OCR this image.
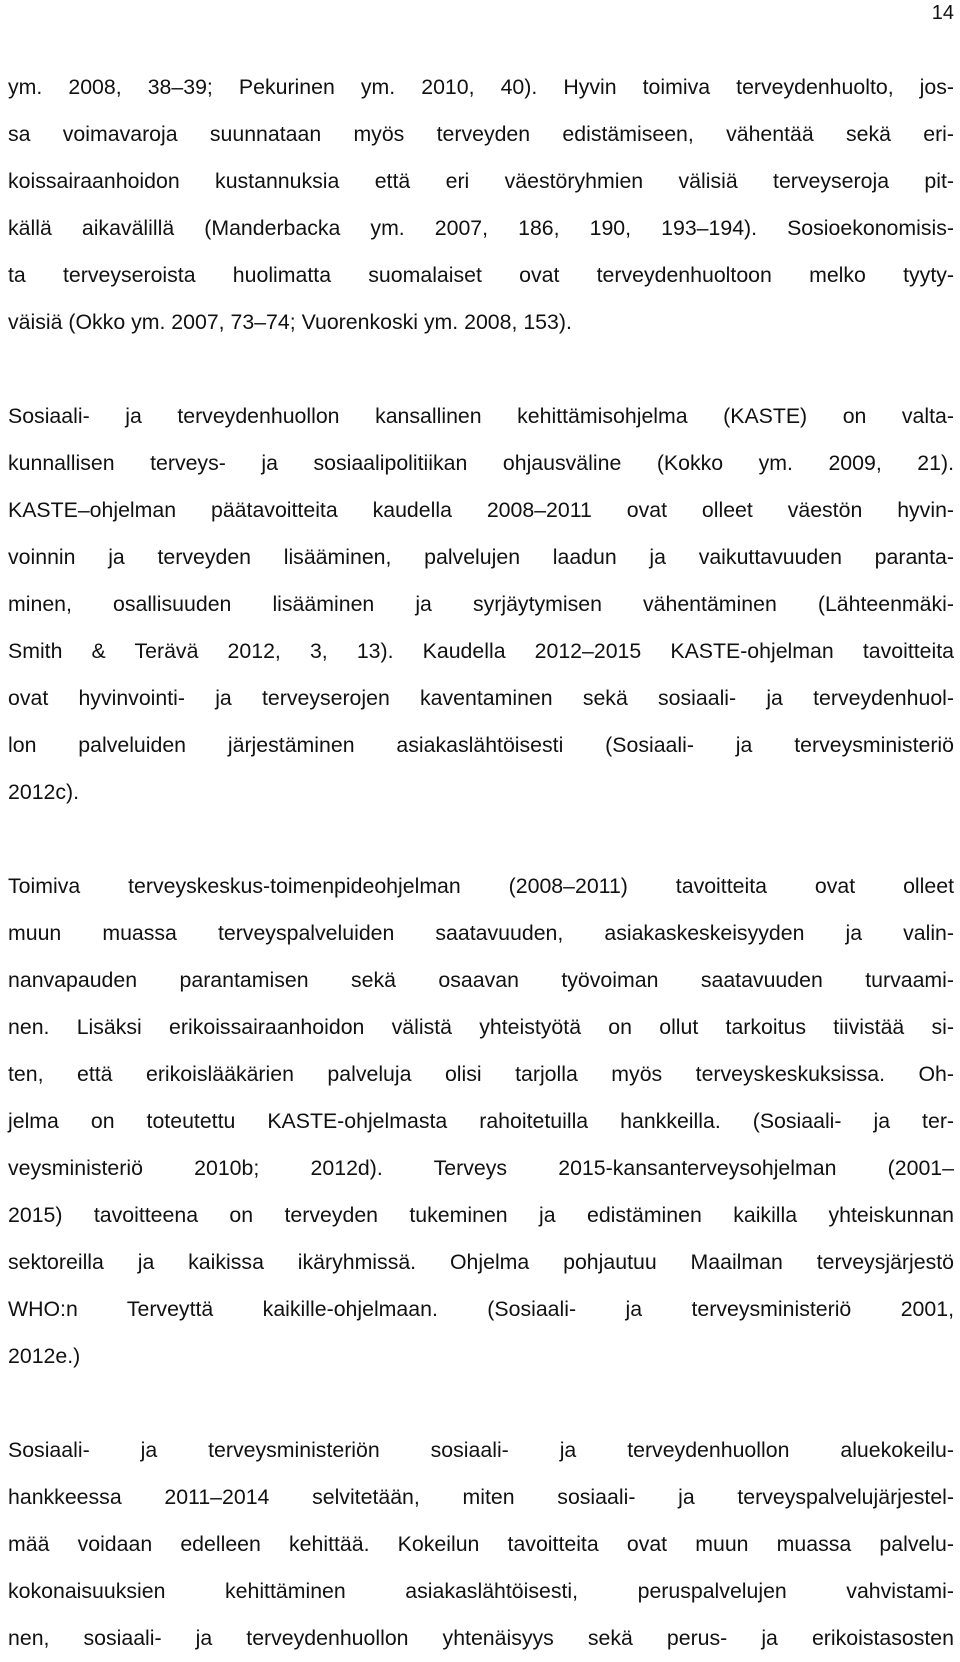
14
ym. 2008, 38–39; Pekurinen ym. 2010, 40). Hyvin toimiva terveydenhuolto, jos-
sa voimavaroja suunnataan myös terveyden edistämiseen, vähentää sekä eri-
koissairaanhoidon kustannuksia että eri väestöryhmien välisiä terveyseroja pit-
källä aikavälillä (Manderbacka ym. 2007, 186, 190, 193–194). Sosioekonomisis-
ta terveyseroista huolimatta suomalaiset ovat terveydenhuoltoon melko tyyty-
väisiä (Okko ym. 2007, 73–74; Vuorenkoski ym. 2008, 153).
Sosiaali- ja terveydenhuollon kansallinen kehittämisohjelma (KASTE) on valta-
kunnallisen terveys- ja sosiaalipolitiikan ohjausväline (Kokko ym. 2009, 21).
KASTE–ohjelman päätavoitteita kaudella 2008–2011 ovat olleet väestön hyvin-
voinnin ja terveyden lisääminen, palvelujen laadun ja vaikuttavuuden paranta-
minen, osallisuuden lisääminen ja syrjäytymisen vähentäminen (Lähteenmäki-
Smith & Terävä 2012, 3, 13). Kaudella 2012–2015 KASTE-ohjelman tavoitteita
ovat hyvinvointi- ja terveyserojen kaventaminen sekä sosiaali- ja terveydenhuol-
lon palveluiden järjestäminen asiakaslähtöisesti (Sosiaali- ja terveysministeriö
2012c).
Toimiva terveyskeskus-toimenpideohjelman (2008–2011) tavoitteita ovat olleet
muun muassa terveyspalveluiden saatavuuden, asiakaskeskeisyyden ja valin-
nanvapauden parantamisen sekä osaavan työvoiman saatavuuden turvaami-
nen. Lisäksi erikoissairaanhoidon välistä yhteistyötä on ollut tarkoitus tiivistää si-
ten, että erikoislääkärien palveluja olisi tarjolla myös terveyskeskuksissa. Oh-
jelma on toteutettu KASTE-ohjelmasta rahoitetuilla hankkeilla. (Sosiaali- ja ter-
veysministeriö 2010b; 2012d). Terveys 2015-kansanterveysohjelman (2001–
2015) tavoitteena on terveyden tukeminen ja edistäminen kaikilla yhteiskunnan
sektoreilla ja kaikissa ikäryhmissä. Ohjelma pohjautuu Maailman terveysjärjestö
WHO:n Terveyttä kaikille-ohjelmaan. (Sosiaali- ja terveysministeriö 2001,
2012e.)
Sosiaali- ja terveysministeriön sosiaali- ja terveydenhuollon aluekokeilu-
hankkeessa 2011–2014 selvitetään, miten sosiaali- ja terveyspalvelujärjestel-
mää voidaan edelleen kehittää. Kokeilun tavoitteita ovat muun muassa palvelu-
kokonaisuuksien kehittäminen asiakaslähtöisesti, peruspalvelujen vahvistami-
nen, sosiaali- ja terveydenhuollon yhtenäisyys sekä perus- ja erikoistasosten
